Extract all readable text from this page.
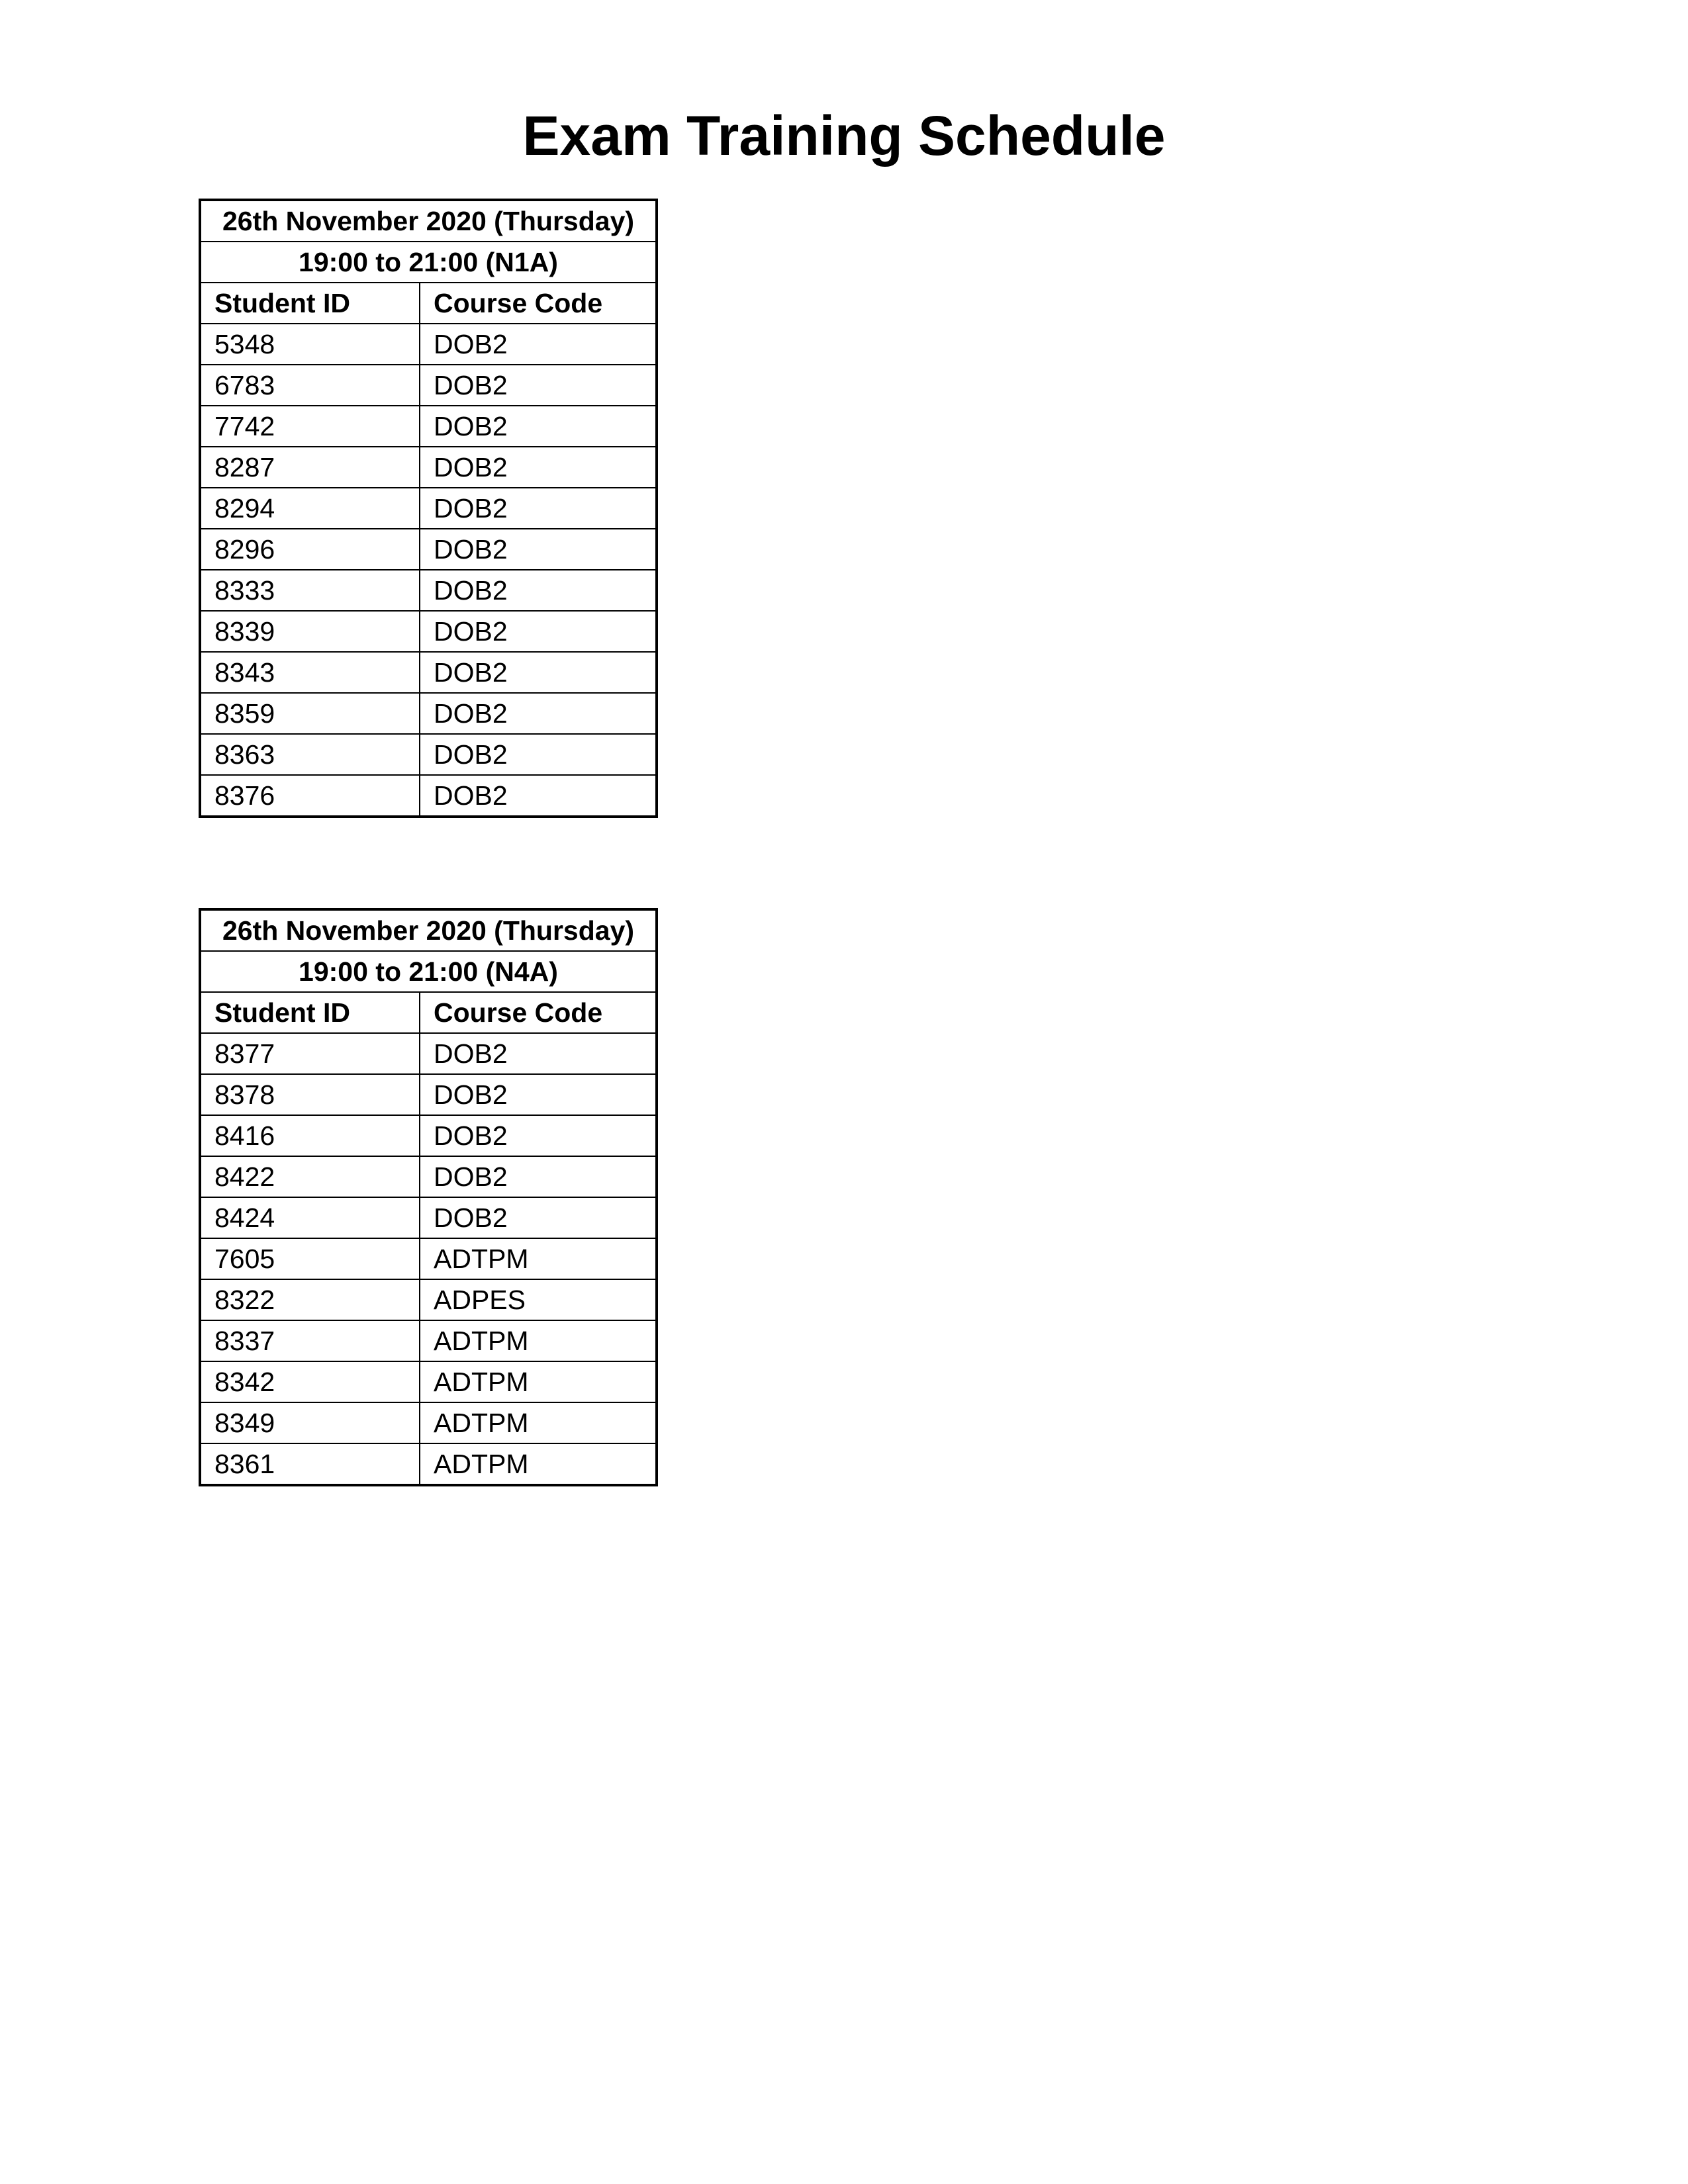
Exam Training Schedule
26th November 2020 (Thursday)	
19:00 to 21:00 (N1A)	
Student ID	Course Code
5348	DOB2
6783	DOB2
7742	DOB2
8287	DOB2
8294	DOB2
8296	DOB2
8333	DOB2
8339	DOB2
8343	DOB2
8359	DOB2
8363	DOB2
8376	DOB2
26th November 2020 (Thursday)	
19:00 to 21:00 (N4A)	
Student ID	Course Code
8377	DOB2
8378	DOB2
8416	DOB2
8422	DOB2
8424	DOB2
7605	ADTPM
8322	ADPES
8337	ADTPM
8342	ADTPM
8349	ADTPM
8361	ADTPM
